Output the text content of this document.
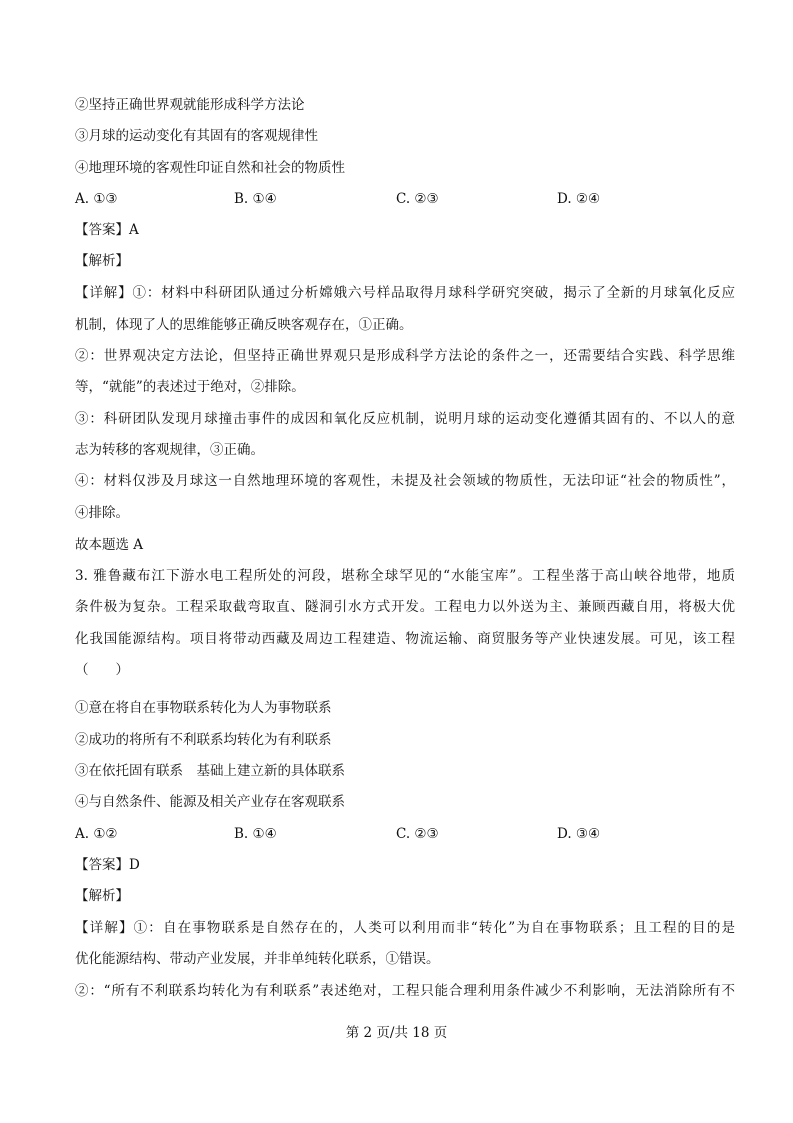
②坚持正确世界观就能形成科学方法论
③月球的运动变化有其固有的客观规律性
④地理环境的客观性印证自然和社会的物质性
A. ①③	B. ①④	C. ②③	D. ②④
【答案】A
【解析】
【详解】①：材料中科研团队通过分析嫦娥六号样品取得月球科学研究突破，揭示了全新的月球氧化反应
机制，体现了人的思维能够正确反映客观存在，①正确。
②：世界观决定方法论，但坚持正确世界观只是形成科学方法论的条件之一，还需要结合实践、科学思维
等，“就能”的表述过于绝对，②排除。
③：科研团队发现月球撞击事件的成因和氧化反应机制，说明月球的运动变化遵循其固有的、不以人的意
志为转移的客观规律，③正确。
④：材料仅涉及月球这一自然地理环境的客观性，未提及社会领域的物质性，无法印证“社会的物质性”，
④排除。
故本题选 A
3. 雅鲁藏布江下游水电工程所处的河段，堪称全球罕见的“水能宝库”。工程坐落于高山峡谷地带，地质
条件极为复杂。工程采取截弯取直、隧洞引水方式开发。工程电力以外送为主、兼顾西藏自用，将极大优
化我国能源结构。项目将带动西藏及周边工程建造、物流运输、商贸服务等产业快速发展。可见，该工程
（　　）
①意在将自在事物联系转化为人为事物联系
②成功的将所有不利联系均转化为有利联系
③在依托固有联系　基础上建立新的具体联系
④与自然条件、能源及相关产业存在客观联系
A. ①②	B. ①④	C. ②③	D. ③④
【答案】D
【解析】
【详解】①：自在事物联系是自然存在的，人类可以利用而非“转化”为自在事物联系；且工程的目的是
优化能源结构、带动产业发展，并非单纯转化联系，①错误。
②：“所有不利联系均转化为有利联系”表述绝对，工程只能合理利用条件减少不利影响，无法消除所有不
第 2 页/共 18 页
